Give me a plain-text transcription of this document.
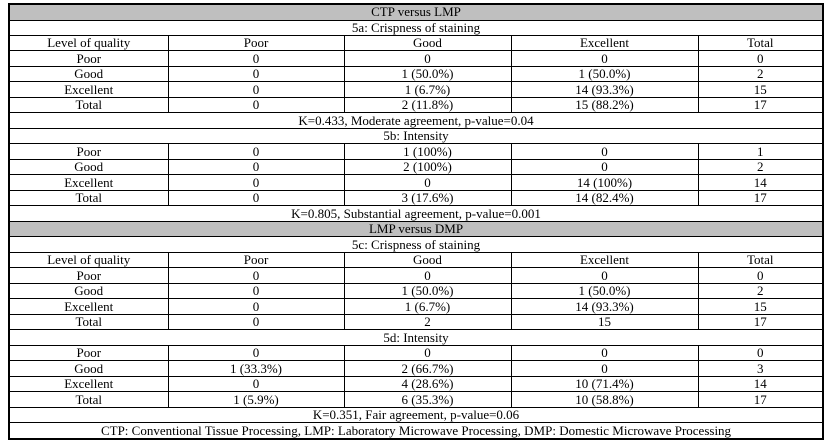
CTP versus LMP				
5a: Crispness of staining				
Level of quality	Poor	Good	Excellent	Total
Poor	0	0	0	0
Good	0	1 (50.0%)	1 (50.0%)	2
Excellent	0	1 (6.7%)	14 (93.3%)	15
Total	0	2 (11.8%)	15 (88.2%)	17
K=0.433, Moderate agreement, p-value=0.04				
5b: Intensity				
Poor	0	1 (100%)	0	1
Good	0	2 (100%)	0	2
Excellent	0	0	14 (100%)	14
Total	0	3 (17.6%)	14 (82.4%)	17
K=0.805, Substantial agreement, p-value=0.001				
LMP versus DMP				
5c: Crispness of staining				
Level of quality	Poor	Good	Excellent	Total
Poor	0	0	0	0
Good	0	1 (50.0%)	1 (50.0%)	2
Excellent	0	1 (6.7%)	14 (93.3%)	15
Total	0	2	15	17
5d: Intensity				
Poor	0	0	0	0
Good	1 (33.3%)	2 (66.7%)	0	3
Excellent	0	4 (28.6%)	10 (71.4%)	14
Total	1 (5.9%)	6 (35.3%)	10 (58.8%)	17
K=0.351, Fair agreement, p-value=0.06				
CTP: Conventional Tissue Processing, LMP: Laboratory Microwave Processing, DMP: Domestic Microwave Processing				
